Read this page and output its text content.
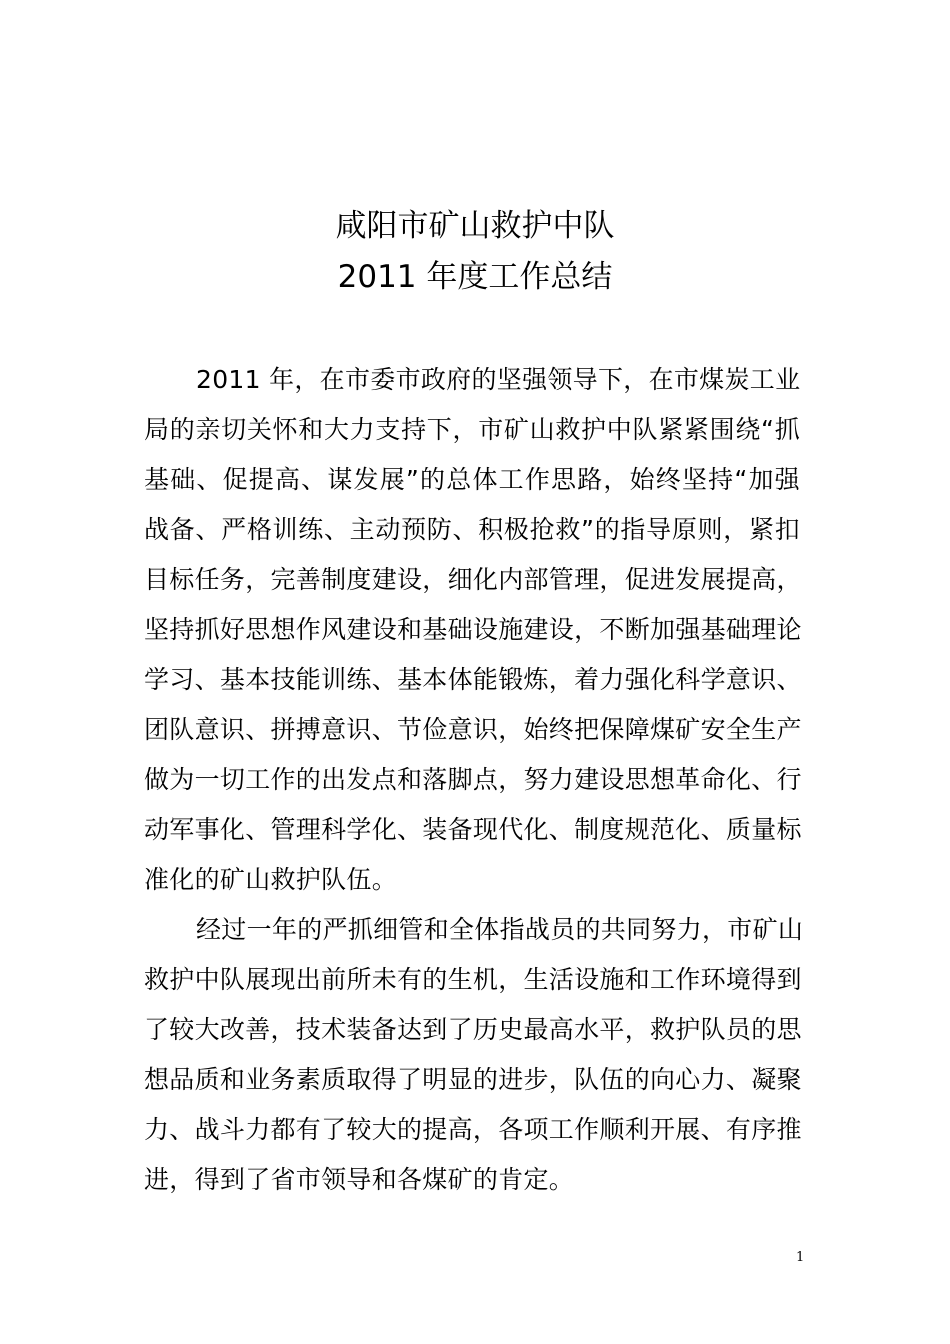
咸阳市矿山救护中队
2011 年度工作总结
2011 年，在市委市政府的坚强领导下，在市煤炭工业
局的亲切关怀和大力支持下，市矿山救护中队紧紧围绕“抓
基础、促提高、谋发展”的总体工作思路，始终坚持“加强
战备、严格训练、主动预防、积极抢救”的指导原则，紧扣
目标任务，完善制度建设，细化内部管理，促进发展提高，
坚持抓好思想作风建设和基础设施建设，不断加强基础理论
学习、基本技能训练、基本体能锻炼，着力强化科学意识、
团队意识、拼搏意识、节俭意识，始终把保障煤矿安全生产
做为一切工作的出发点和落脚点，努力建设思想革命化、行
动军事化、管理科学化、装备现代化、制度规范化、质量标
准化的矿山救护队伍。
经过一年的严抓细管和全体指战员的共同努力，市矿山
救护中队展现出前所未有的生机，生活设施和工作环境得到
了较大改善，技术装备达到了历史最高水平，救护队员的思
想品质和业务素质取得了明显的进步，队伍的向心力、凝聚
力、战斗力都有了较大的提高，各项工作顺利开展、有序推
进，得到了省市领导和各煤矿的肯定。
1
